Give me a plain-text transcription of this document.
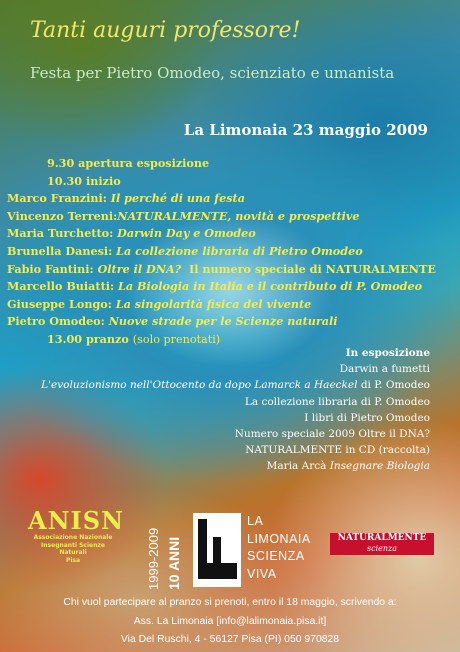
Tanti auguri professore!

Festa per Pietro Omodeo, scienziato e umanista

La Limonaia 23 maggio 2009

9.30 apertura esposizione
10.30 inizio
Marco Franzini: Il perché di una festa
Vincenzo Terreni:NATURALMENTE, novità e prospettive
Maria Turchetto: Darwin Day e Omodeo
Brunella Danesi: La collezione libraria di Pietro Omodeo
Fabio Fantini: Oltre il DNA? Il numero speciale di NATURALMENTE
Marcello Buiatti: La Biologia in Italia e il contributo di P. Omodeo
Giuseppe Longo: La singolarità fisica del vivente
Pietro Omodeo: Nuove strade per le Scienze naturali
13.00 pranzo (solo prenotati)
In esposizione
Darwin a fumetti
L'evoluzionismo nell'Ottocento da dopo Lamarck a Haeckel di P. Omodeo
La collezione libraria di P. Omodeo
I libri di Pietro Omodeo
Numero speciale 2009 Oltre il DNA?
NATURALMENTE in CD (raccolta)
Maria Arcà Insegnare Biologia
ANISN
Associazione Nazionale
Insegnanti Scienze
Naturali
Pisa	1999-2009 10 ANNI
LA
LIMONAIA
SCIENZA
VIVA
NATURALMENTE
scienza
Chi vuol partecipare al pranzo si prenoti, entro il 18 maggio, scrivendo a:
Ass. La Limonaia [info@lalimonaia.pisa.it]
Via Del Ruschi, 4 - 56127 Pisa (PI) 050 970828
